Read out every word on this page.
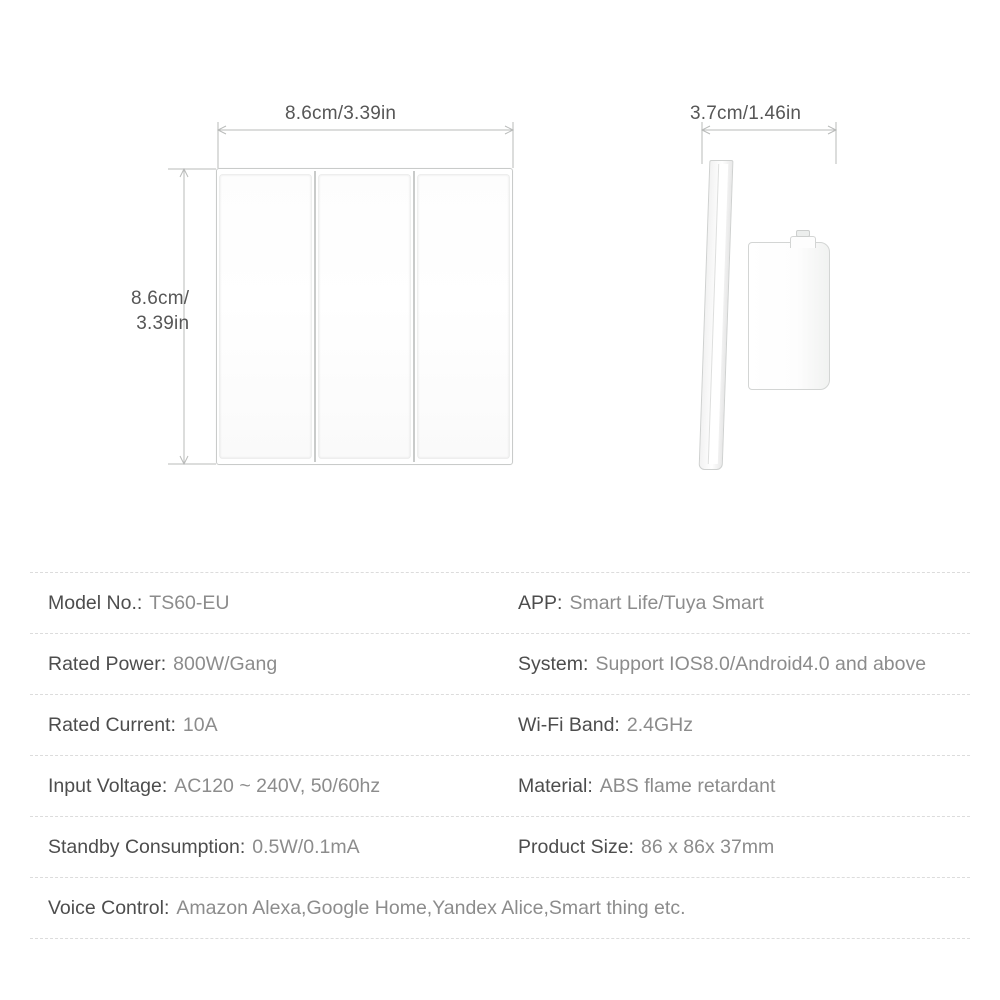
8.6cm/3.39in	3.7cm/1.46in
8.6cm/
3.39in
Model No.: TS60-EU	APP: Smart Life/Tuya Smart
Rated Power: 800W/Gang	System: Support IOS8.0/Android4.0 and above
Rated Current: 10A	Wi-Fi Band: 2.4GHz
Input Voltage: AC120 ~ 240V, 50/60hz	Material: ABS flame retardant
Standby Consumption: 0.5W/0.1mA	Product Size: 86 x 86x 37mm
Voice Control: Amazon Alexa,Google Home,Yandex Alice,Smart thing etc.
